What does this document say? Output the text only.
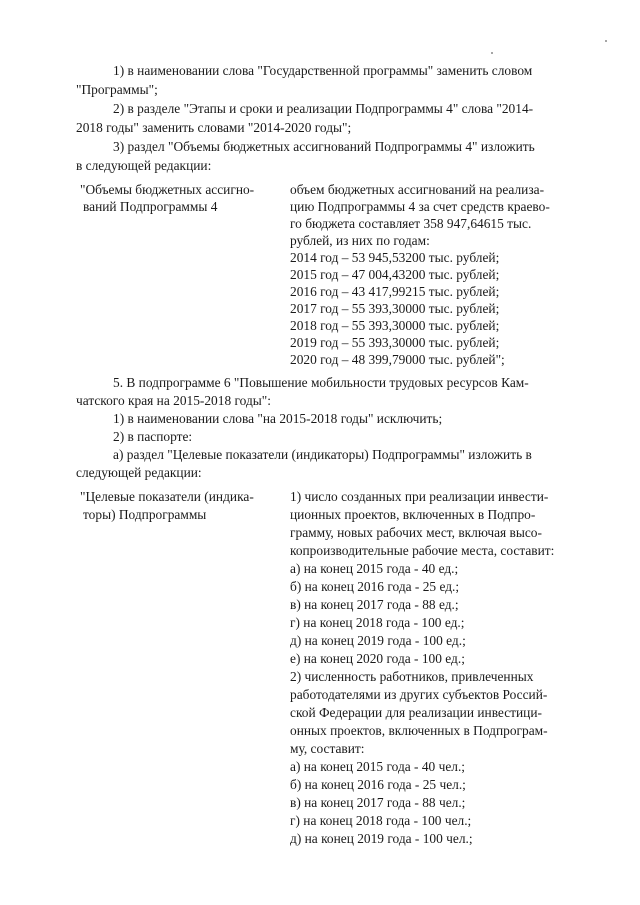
1) в наименовании слова "Государственной программы" заменить словом
"Программы";
2) в разделе "Этапы и сроки и реализации Подпрограммы 4" слова "2014-
2018 годы" заменить словами "2014-2020 годы";
3) раздел "Объемы бюджетных ассигнований Подпрограммы 4" изложить
в следующей редакции:
"Объемы бюджетных ассигно-
ваний Подпрограммы 4
объем бюджетных ассигнований на реализа-
цию Подпрограммы 4 за счет средств краево-
го бюджета составляет 358 947,64615 тыс.
рублей, из них по годам:
2014 год – 53 945,53200 тыс. рублей;
2015 год – 47 004,43200 тыс. рублей;
2016 год – 43 417,99215 тыс. рублей;
2017 год – 55 393,30000 тыс. рублей;
2018 год – 55 393,30000 тыс. рублей;
2019 год – 55 393,30000 тыс. рублей;
2020 год – 48 399,79000 тыс. рублей";
5. В подпрограмме 6 "Повышение мобильности трудовых ресурсов Кам-
чатского края на 2015-2018 годы":
1) в наименовании слова "на 2015-2018 годы" исключить;
2) в паспорте:
а) раздел "Целевые показатели (индикаторы) Подпрограммы" изложить в
следующей редакции:
"Целевые показатели (индика-
торы) Подпрограммы
1) число созданных при реализации инвести-
ционных проектов, включенных в Подпро-
грамму, новых рабочих мест, включая высо-
копроизводительные рабочие места, составит:
а) на конец 2015 года - 40 ед.;
б) на конец 2016 года - 25 ед.;
в) на конец 2017 года - 88 ед.;
г) на конец 2018 года - 100 ед.;
д) на конец 2019 года - 100 ед.;
е) на конец 2020 года - 100 ед.;
2) численность работников, привлеченных
работодателями из других субъектов Россий-
ской Федерации для реализации инвестици-
онных проектов, включенных в Подпрограм-
му, составит:
а) на конец 2015 года - 40 чел.;
б) на конец 2016 года - 25 чел.;
в) на конец 2017 года - 88 чел.;
г) на конец 2018 года - 100 чел.;
д) на конец 2019 года - 100 чел.;
